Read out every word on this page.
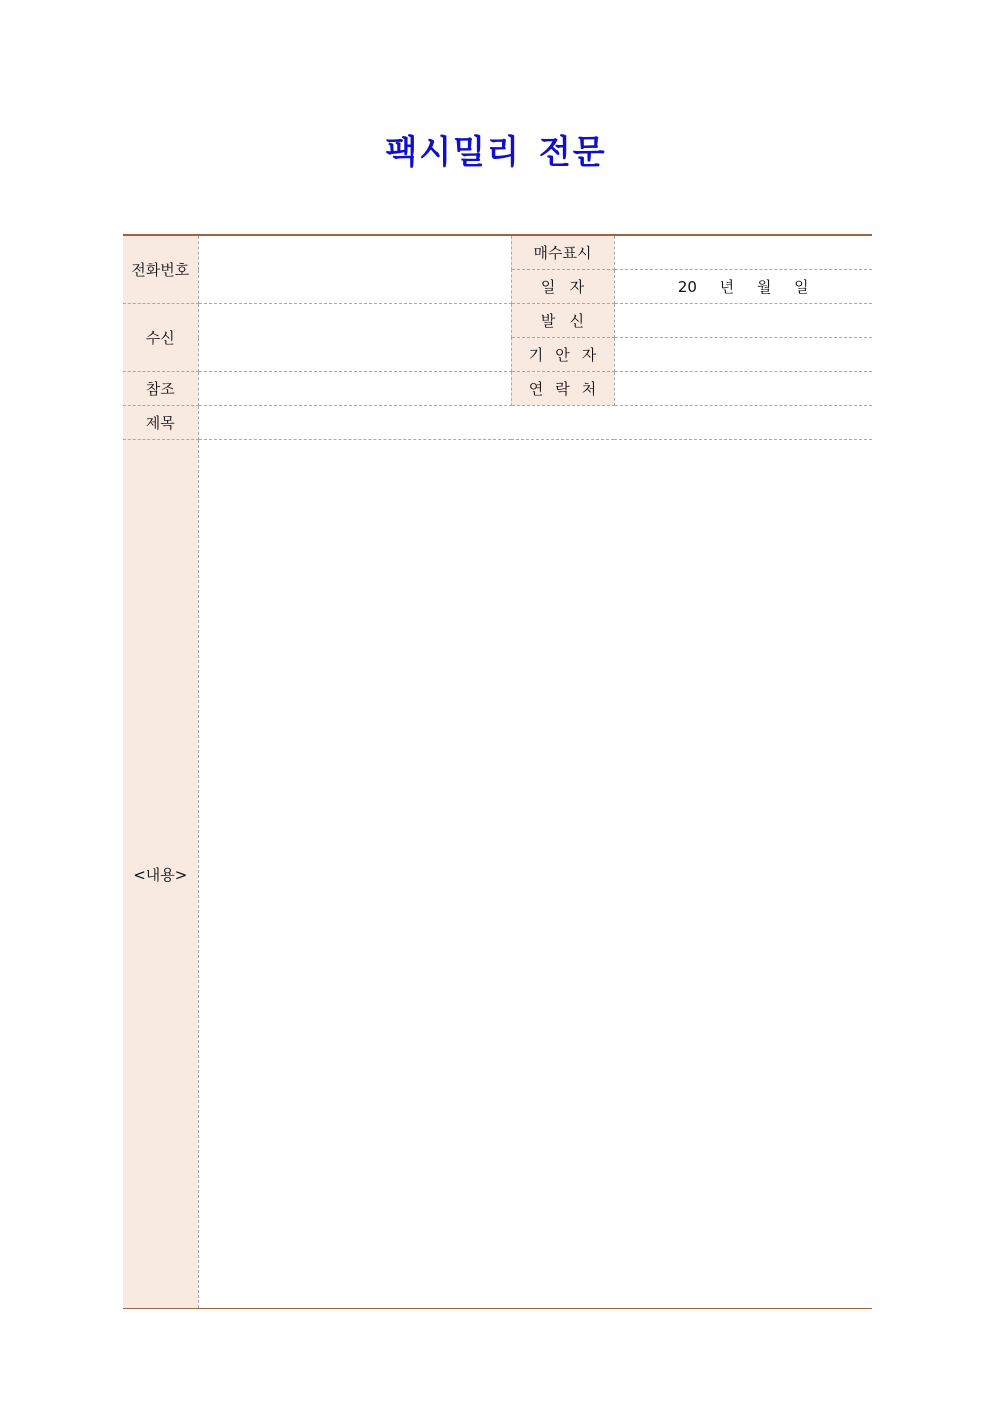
팩시밀리 전문
전화번호		매수표시	
		일   자	20 년 월 일
수신		발   신	
		기안자	
참조		연락처	
제목			
<내용>			
